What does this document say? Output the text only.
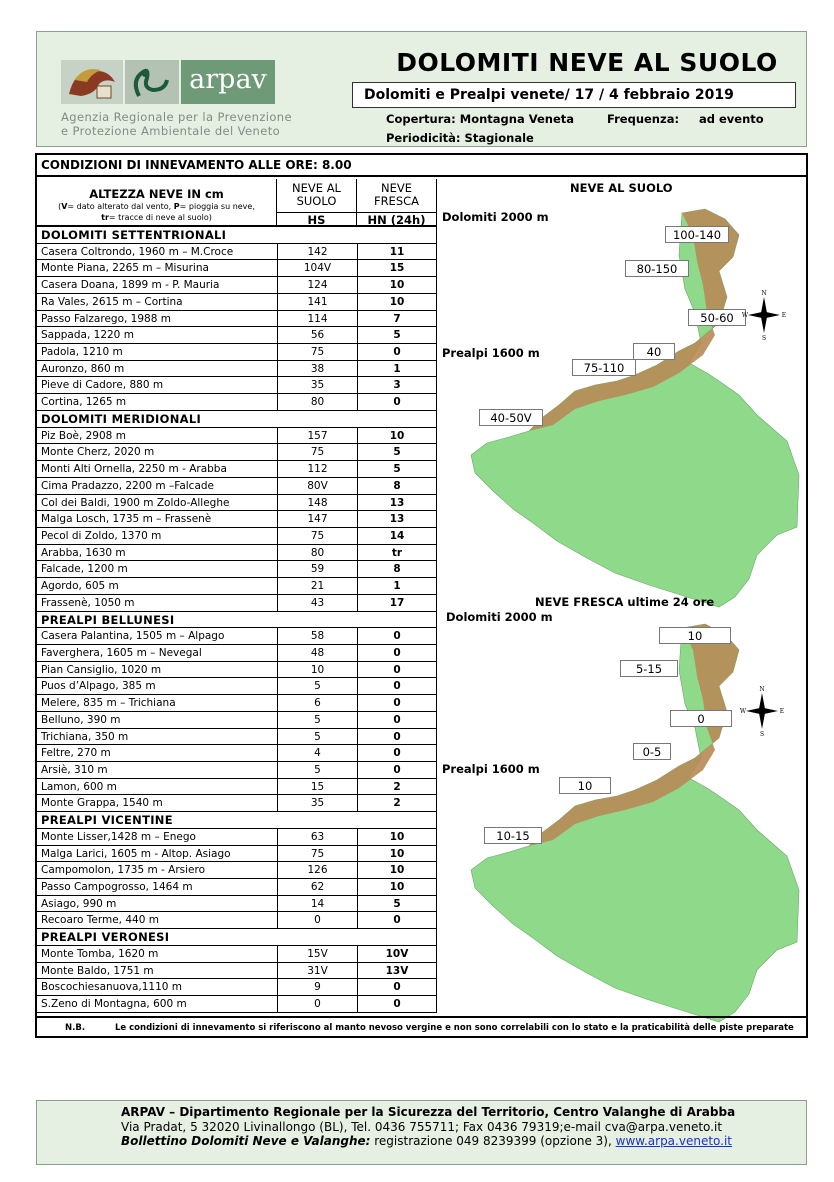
arpav
Agenzia Regionale per la Prevenzione
e Protezione Ambientale del Veneto
DOLOMITI NEVE AL SUOLO
Dolomiti e Prealpi venete/ 17 / 4 febbraio 2019
Copertura: Montagna Veneta	Frequenza: ad evento
Periodicità: Stagionale
CONDIZIONI DI INNEVAMENTO ALLE ORE: 8.00
ALTEZZA NEVE IN cm
(V= dato alterato dal vento, P= pioggia su neve,
tr= tracce di neve al suolo)
NEVE AL
SUOLO
HS
NEVE
FRESCA
HN (24h)
DOLOMITI SETTENTRIONALI
Casera Coltrondo, 1960 m – M.Croce	142	11
Monte Piana, 2265 m – Misurina	104V	15
Casera Doana, 1899 m - P. Mauria	124	10
Ra Vales, 2615 m – Cortina	141	10
Passo Falzarego, 1988 m	114	7
Sappada, 1220 m	56	5
Padola, 1210 m	75	0
Auronzo, 860 m	38	1
Pieve di Cadore, 880 m	35	3
Cortina, 1265 m	80	0
DOLOMITI MERIDIONALI
Piz Boè, 2908 m	157	10
Monte Cherz, 2020 m	75	5
Monti Alti Ornella, 2250 m - Arabba	112	5
Cima Pradazzo, 2200 m –Falcade	80V	8
Col dei Baldi, 1900 m Zoldo-Alleghe	148	13
Malga Losch, 1735 m – Frassenè	147	13
Pecol di Zoldo, 1370 m	75	14
Arabba, 1630 m	80	tr
Falcade, 1200 m	59	8
Agordo, 605 m	21	1
Frassenè, 1050 m	43	17
PREALPI BELLUNESI
Casera Palantina, 1505 m – Alpago	58	0
Faverghera, 1605 m – Nevegal	48	0
Pian Cansiglio, 1020 m	10	0
Puos d’Alpago, 385 m	5	0
Melere, 835 m – Trichiana	6	0
Belluno, 390 m	5	0
Trichiana, 350 m	5	0
Feltre, 270 m	4	0
Arsiè, 310 m	5	0
Lamon, 600 m	15	2
Monte Grappa, 1540 m	35	2
PREALPI VICENTINE
Monte Lisser,1428 m – Enego	63	10
Malga Larici, 1605 m - Altop. Asiago	75	10
Campomolon, 1735 m - Arsiero	126	10
Passo Campogrosso, 1464 m	62	10
Asiago, 990 m	14	5
Recoaro Terme, 440 m	0	0
PREALPI VERONESI
Monte Tomba, 1620 m	15V	10V
Monte Baldo, 1751 m	31V	13V
Boscochiesanuova,1110 m	9	0
S.Zeno di Montagna, 600 m	0	0
NEVE AL SUOLO
Dolomiti 2000 m
Prealpi 1600 m
100-140
80-150
50-60
40
75-110
40-50V
N
S
W	E
NEVE FRESCA ultime 24 ore
Dolomiti 2000 m
Prealpi 1600 m
10
5-15
0
0-5
10
10-15
N
S
W	E
N.B.	Le condizioni di innevamento si riferiscono al manto nevoso vergine e non sono correlabili con lo stato e la praticabilità delle piste preparate
ARPAV – Dipartimento Regionale per la Sicurezza del Territorio, Centro Valanghe di Arabba
Via Pradat, 5 32020 Livinallongo (BL), Tel. 0436 755711; Fax 0436 79319;e-mail cva@arpa.veneto.it
Bollettino Dolomiti Neve e Valanghe: registrazione 049 8239399 (opzione 3), www.arpa.veneto.it
